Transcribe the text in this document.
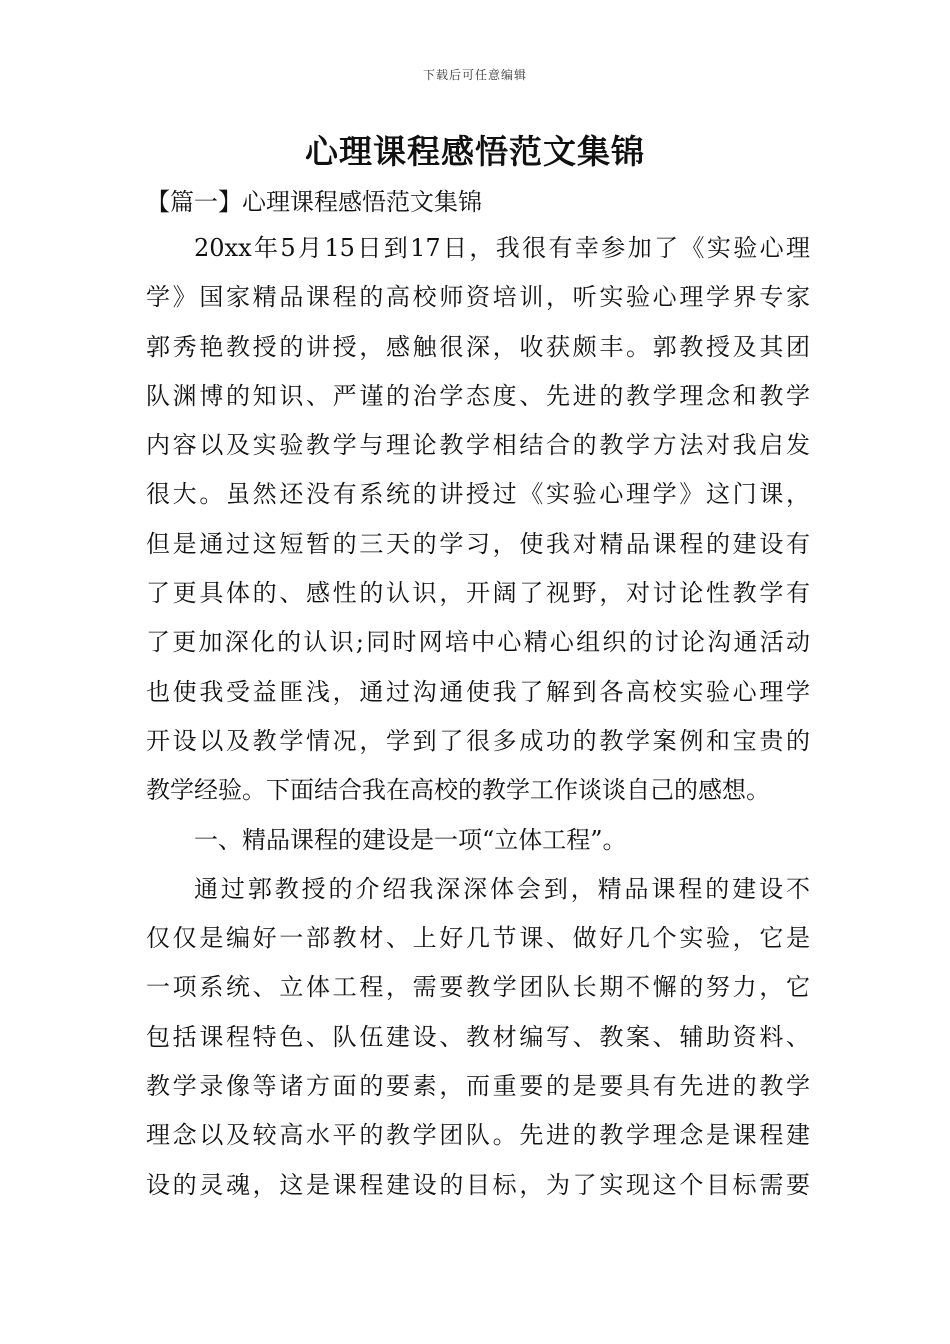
下载后可任意编辑
心理课程感悟范文集锦
【篇一】心理课程感悟范文集锦
20xx年5月15日到17日，我很有幸参加了《实验心理
学》国家精品课程的高校师资培训，听实验心理学界专家
郭秀艳教授的讲授，感触很深，收获颇丰。郭教授及其团
队渊博的知识、严谨的治学态度、先进的教学理念和教学
内容以及实验教学与理论教学相结合的教学方法对我启发
很大。虽然还没有系统的讲授过《实验心理学》这门课，
但是通过这短暂的三天的学习，使我对精品课程的建设有
了更具体的、感性的认识，开阔了视野，对讨论性教学有
了更加深化的认识;同时网培中心精心组织的讨论沟通活动
也使我受益匪浅，通过沟通使我了解到各高校实验心理学
开设以及教学情况，学到了很多成功的教学案例和宝贵的
教学经验。下面结合我在高校的教学工作谈谈自己的感想。
一、精品课程的建设是一项“立体工程”。
通过郭教授的介绍我深深体会到，精品课程的建设不
仅仅是编好一部教材、上好几节课、做好几个实验，它是
一项系统、立体工程，需要教学团队长期不懈的努力，它
包括课程特色、队伍建设、教材编写、教案、辅助资料、
教学录像等诸方面的要素，而重要的是要具有先进的教学
理念以及较高水平的教学团队。先进的教学理念是课程建
设的灵魂，这是课程建设的目标，为了实现这个目标需要
